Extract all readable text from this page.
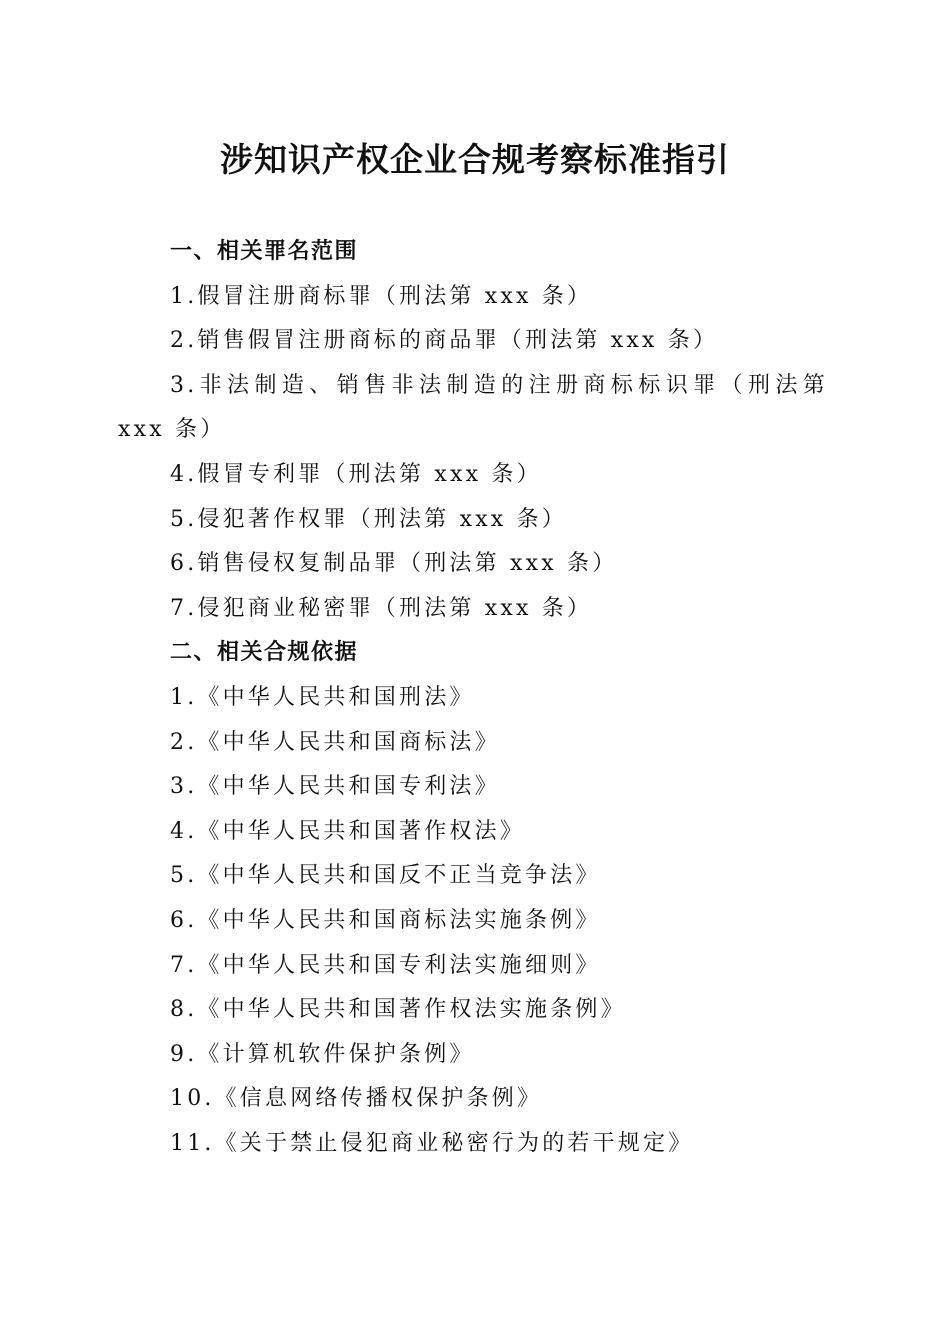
涉知识产权企业合规考察标准指引
一、相关罪名范围
1.假冒注册商标罪（刑法第 xxx 条）
2.销售假冒注册商标的商品罪（刑法第 xxx 条）
3.非法制造、销售非法制造的注册商标标识罪（刑法第 xxx 条）
4.假冒专利罪（刑法第 xxx 条）
5.侵犯著作权罪（刑法第 xxx 条）
6.销售侵权复制品罪（刑法第 xxx 条）
7.侵犯商业秘密罪（刑法第 xxx 条）
二、相关合规依据
1.《中华人民共和国刑法》
2.《中华人民共和国商标法》
3.《中华人民共和国专利法》
4.《中华人民共和国著作权法》
5.《中华人民共和国反不正当竞争法》
6.《中华人民共和国商标法实施条例》
7.《中华人民共和国专利法实施细则》
8.《中华人民共和国著作权法实施条例》
9.《计算机软件保护条例》
10.《信息网络传播权保护条例》
11.《关于禁止侵犯商业秘密行为的若干规定》
